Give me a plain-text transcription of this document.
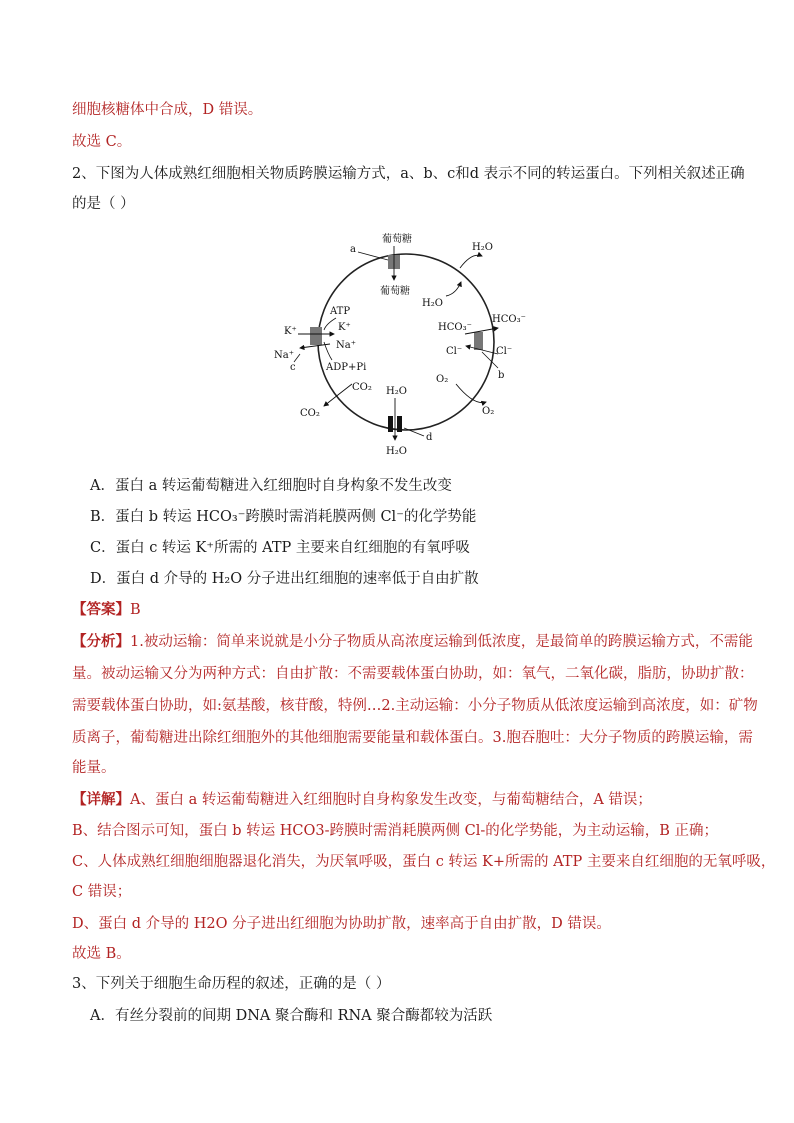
细胞核糖体中合成，D 错误。
故选 C。
2、下图为人体成熟红细胞相关物质跨膜运输方式，a、b、c和d 表示不同的转运蛋白。下列相关叙述正确
的是（ ）
a
葡萄糖
葡萄糖
H₂O
H₂O
HCO₃⁻
HCO₃⁻
Cl⁻	Cl⁻
b
O₂
O₂
H₂O
H₂O
d
CO₂
CO₂
ATP
K⁺	K⁺
Na⁺
Na⁺
c	ADP+Pi
A．蛋白 a 转运葡萄糖进入红细胞时自身构象不发生改变
B．蛋白 b 转运 HCO₃⁻跨膜时需消耗膜两侧 Cl⁻的化学势能
C．蛋白 c 转运 K⁺所需的 ATP 主要来自红细胞的有氧呼吸
D．蛋白 d 介导的 H₂O 分子进出红细胞的速率低于自由扩散
【答案】B
【分析】1.被动运输：简单来说就是小分子物质从高浓度运输到低浓度，是最简单的跨膜运输方式，不需能
量。被动运输又分为两种方式：自由扩散：不需要载体蛋白协助，如：氧气，二氧化碳，脂肪，协助扩散：
需要载体蛋白协助，如:氨基酸，核苷酸，特例…2.主动运输：小分子物质从低浓度运输到高浓度，如：矿物
质离子，葡萄糖进出除红细胞外的其他细胞需要能量和载体蛋白。3.胞吞胞吐：大分子物质的跨膜运输，需
能量。
【详解】A、蛋白 a 转运葡萄糖进入红细胞时自身构象发生改变，与葡萄糖结合，A 错误；
B、结合图示可知，蛋白 b 转运 HCO3-跨膜时需消耗膜两侧 Cl-的化学势能，为主动运输，B 正确；
C、人体成熟红细胞细胞器退化消失，为厌氧呼吸，蛋白 c 转运 K+所需的 ATP 主要来自红细胞的无氧呼吸，
C 错误；
D、蛋白 d 介导的 H2O 分子进出红细胞为协助扩散，速率高于自由扩散，D 错误。
故选 B。
3、下列关于细胞生命历程的叙述，正确的是（ ）
A．有丝分裂前的间期 DNA 聚合酶和 RNA 聚合酶都较为活跃
